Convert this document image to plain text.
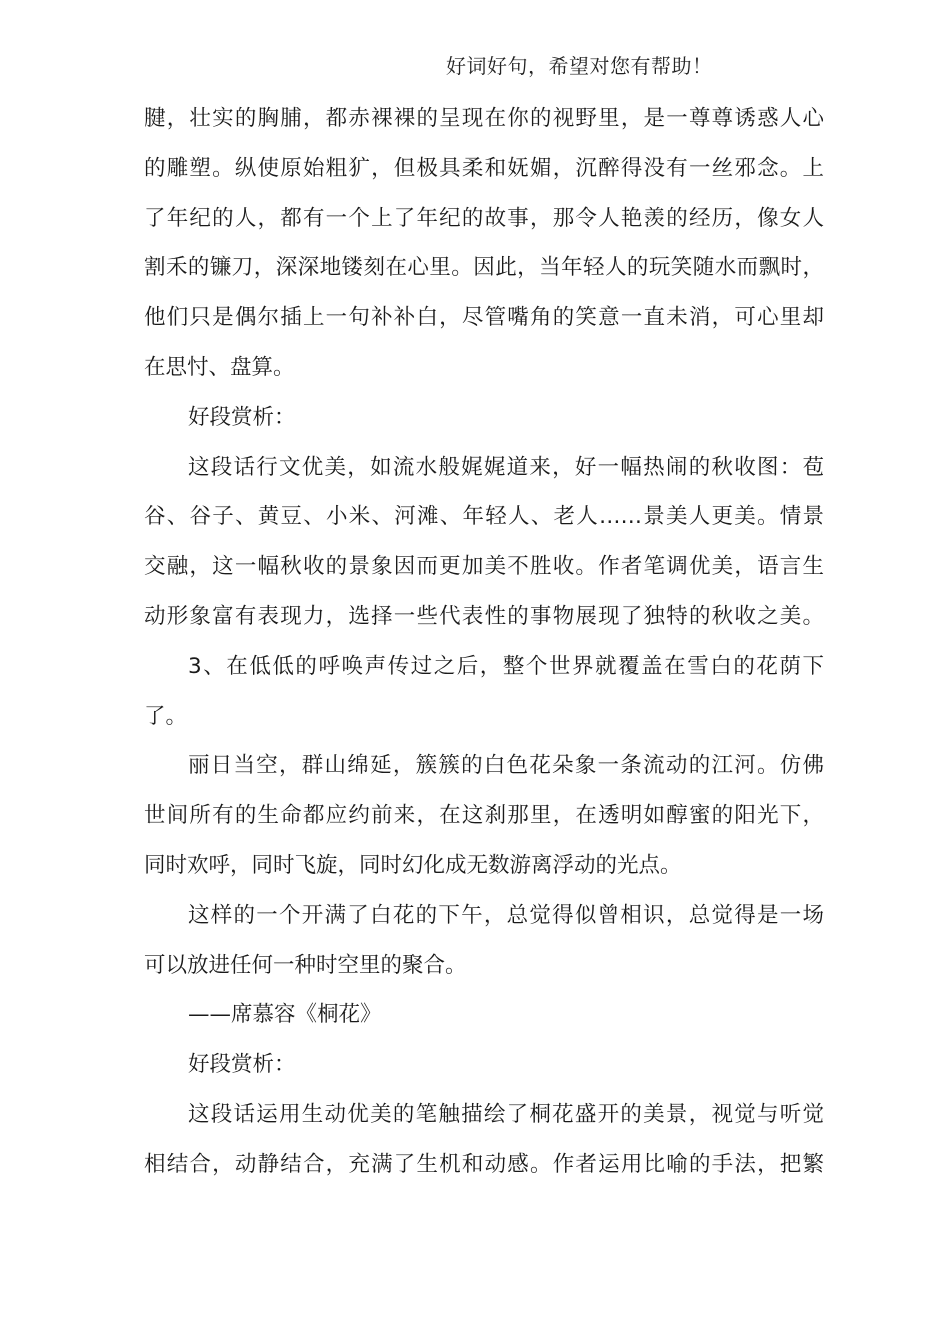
好词好句，希望对您有帮助！
腱，壮实的胸脯，都赤裸裸的呈现在你的视野里，是一尊尊诱惑人心
的雕塑。纵使原始粗犷，但极具柔和妩媚，沉醉得没有一丝邪念。上
了年纪的人，都有一个上了年纪的故事，那令人艳羡的经历，像女人
割禾的镰刀，深深地镂刻在心里。因此，当年轻人的玩笑随水而飘时，
他们只是偶尔插上一句补补白，尽管嘴角的笑意一直未消，可心里却
在思忖、盘算。
好段赏析：
这段话行文优美，如流水般娓娓道来，好一幅热闹的秋收图：苞
谷、谷子、黄豆、小米、河滩、年轻人、老人……景美人更美。情景
交融，这一幅秋收的景象因而更加美不胜收。作者笔调优美，语言生
动形象富有表现力，选择一些代表性的事物展现了独特的秋收之美。
3、在低低的呼唤声传过之后，整个世界就覆盖在雪白的花荫下
了。
丽日当空，群山绵延，簇簇的白色花朵象一条流动的江河。仿佛
世间所有的生命都应约前来，在这刹那里，在透明如醇蜜的阳光下，
同时欢呼，同时飞旋，同时幻化成无数游离浮动的光点。
这样的一个开满了白花的下午，总觉得似曾相识，总觉得是一场
可以放进任何一种时空里的聚合。
——席慕容《桐花》
好段赏析：
这段话运用生动优美的笔触描绘了桐花盛开的美景，视觉与听觉
相结合，动静结合，充满了生机和动感。作者运用比喻的手法，把繁
